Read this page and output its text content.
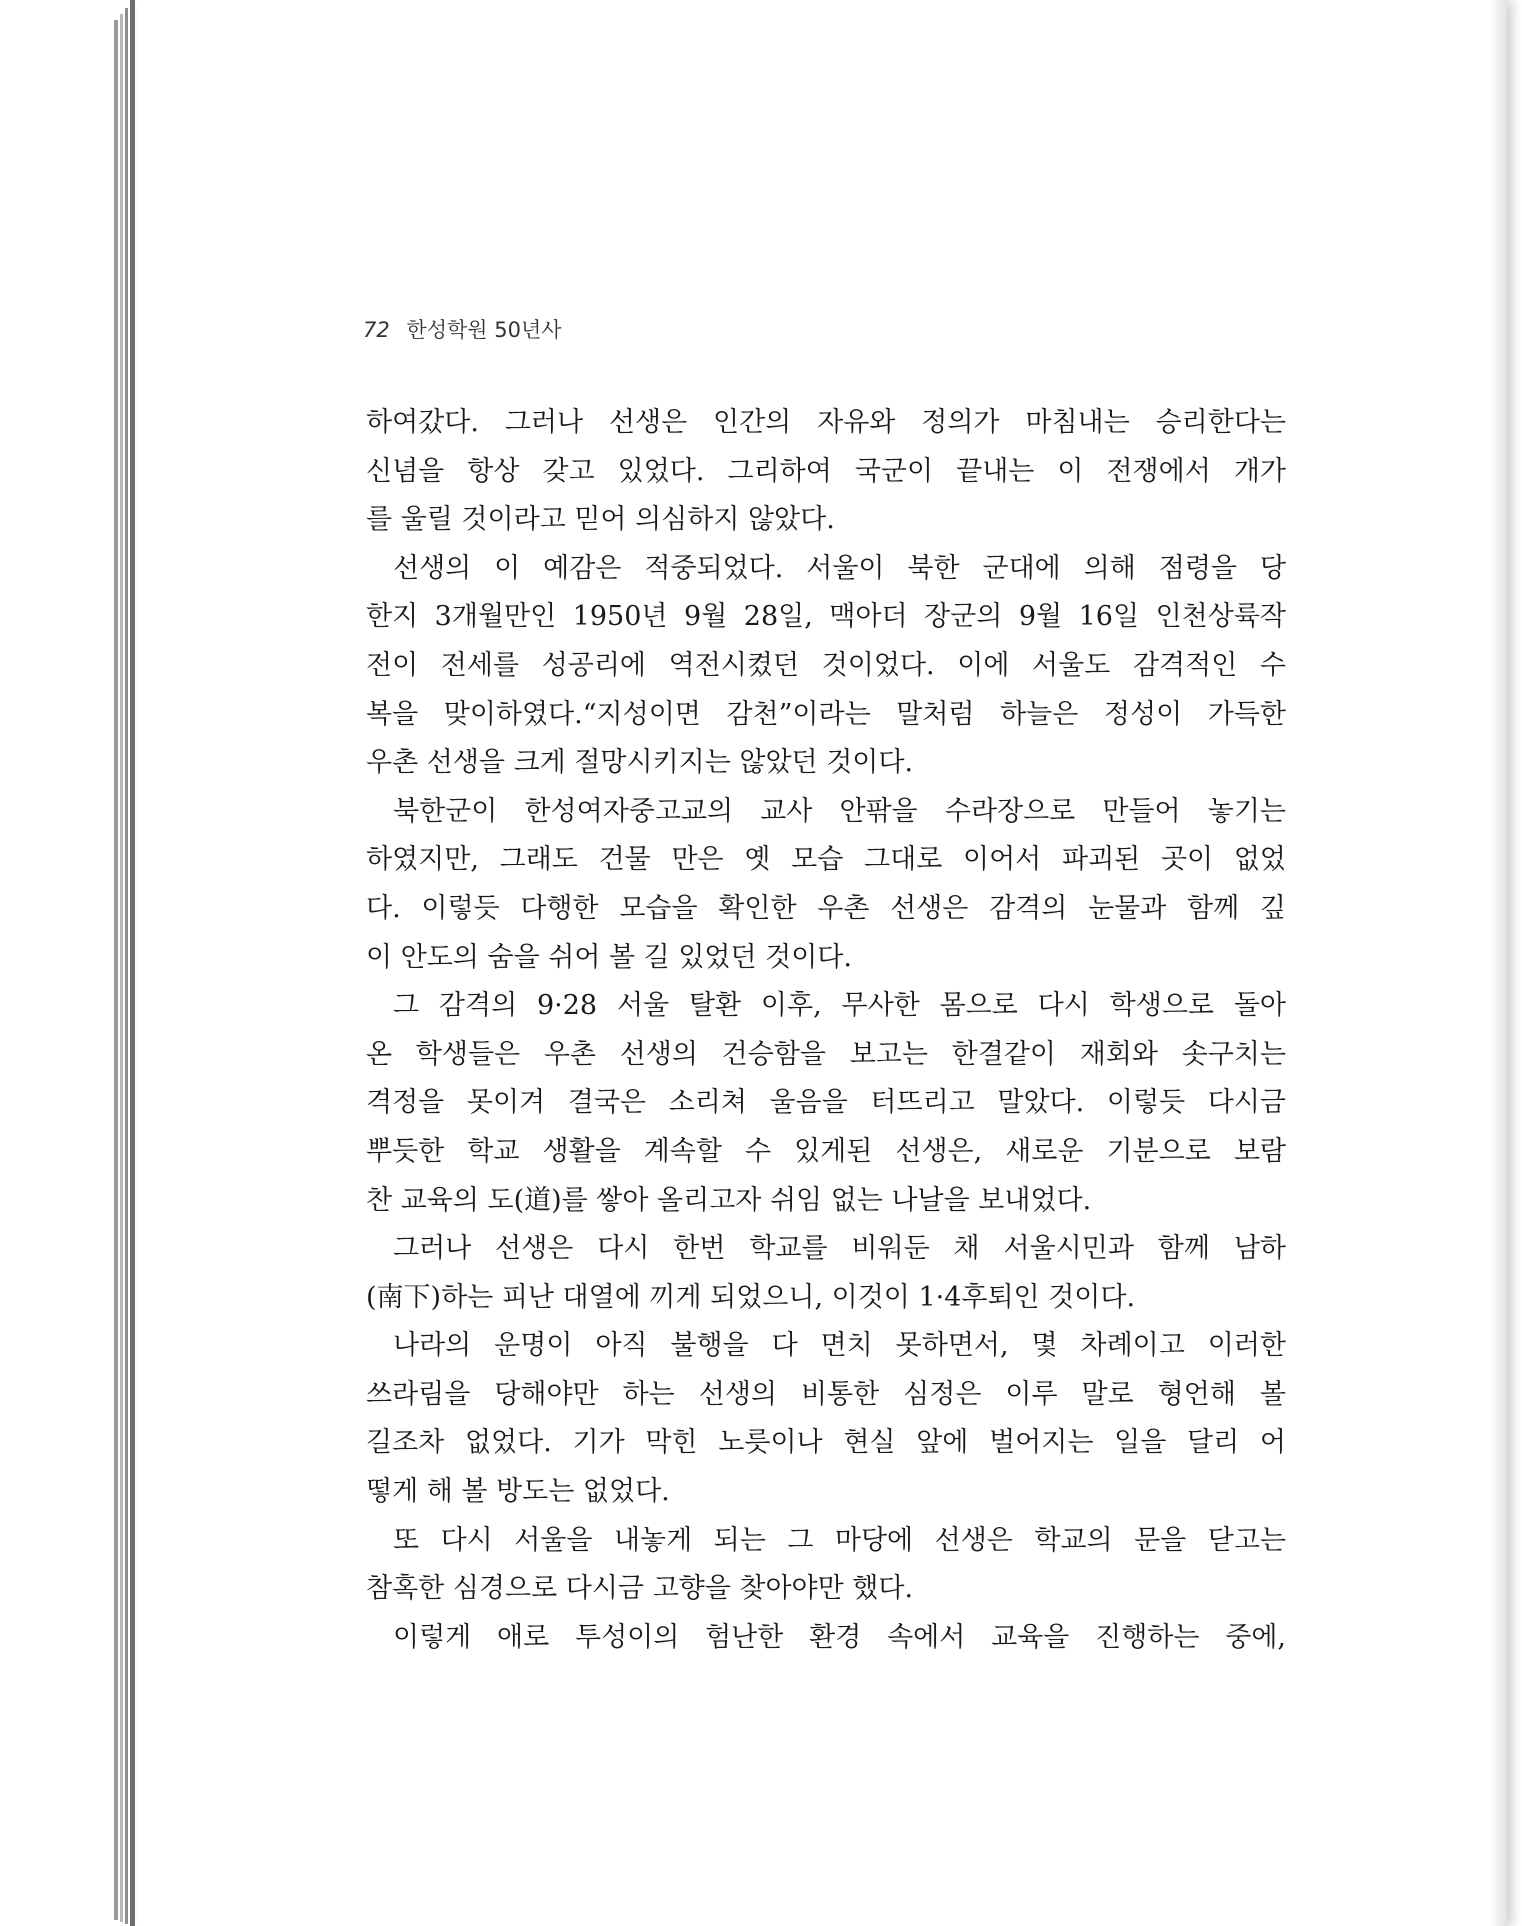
72 한성학원 50년사
하여갔다. 그러나 선생은 인간의 자유와 정의가 마침내는 승리한다는
신념을 항상 갖고 있었다. 그리하여 국군이 끝내는 이 전쟁에서 개가
를 울릴 것이라고 믿어 의심하지 않았다.
선생의 이 예감은 적중되었다. 서울이 북한 군대에 의해 점령을 당
한지 3개월만인 1950년 9월 28일, 맥아더 장군의 9월 16일 인천상륙작
전이 전세를 성공리에 역전시켰던 것이었다. 이에 서울도 감격적인 수
복을 맞이하였다.“지성이면 감천”이라는 말처럼 하늘은 정성이 가득한
우촌 선생을 크게 절망시키지는 않았던 것이다.
북한군이 한성여자중고교의 교사 안팎을 수라장으로 만들어 놓기는
하였지만, 그래도 건물 만은 옛 모습 그대로 이어서 파괴된 곳이 없었
다. 이렇듯 다행한 모습을 확인한 우촌 선생은 감격의 눈물과 함께 깊
이 안도의 숨을 쉬어 볼 길 있었던 것이다.
그 감격의 9·28 서울 탈환 이후, 무사한 몸으로 다시 학생으로 돌아
온 학생들은 우촌 선생의 건승함을 보고는 한결같이 재회와 솟구치는
격정을 못이겨 결국은 소리쳐 울음을 터뜨리고 말았다. 이렇듯 다시금
뿌듯한 학교 생활을 계속할 수 있게된 선생은, 새로운 기분으로 보람
찬 교육의 도(道)를 쌓아 올리고자 쉬임 없는 나날을 보내었다.
그러나 선생은 다시 한번 학교를 비워둔 채 서울시민과 함께 남하
(南下)하는 피난 대열에 끼게 되었으니, 이것이 1·4후퇴인 것이다.
나라의 운명이 아직 불행을 다 면치 못하면서, 몇 차례이고 이러한
쓰라림을 당해야만 하는 선생의 비통한 심정은 이루 말로 형언해 볼
길조차 없었다. 기가 막힌 노릇이나 현실 앞에 벌어지는 일을 달리 어
떻게 해 볼 방도는 없었다.
또 다시 서울을 내놓게 되는 그 마당에 선생은 학교의 문을 닫고는
참혹한 심경으로 다시금 고향을 찾아야만 했다.
이렇게 애로 투성이의 험난한 환경 속에서 교육을 진행하는 중에,
